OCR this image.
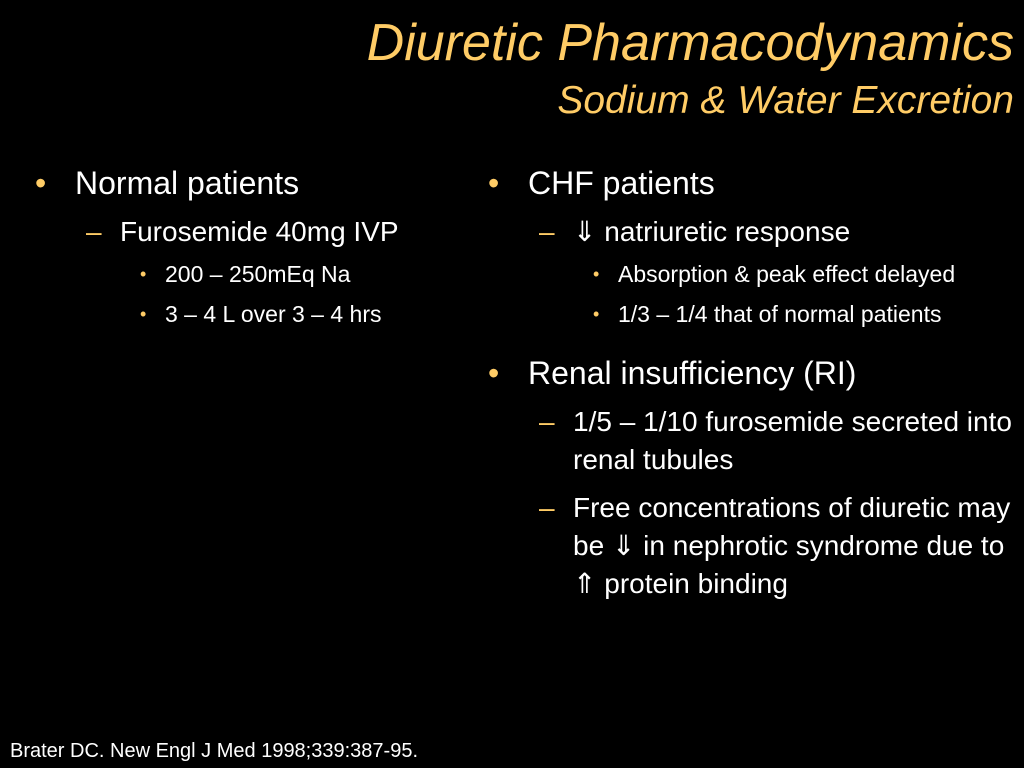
Diuretic Pharmacodynamics
Sodium & Water Excretion
• Normal patients
– Furosemide 40mg IVP
• 200 – 250mEq Na
• 3 – 4 L over 3 – 4 hrs
• CHF patients
– ⇓ natriuretic response
• Absorption & peak effect delayed
• 1/3 – 1/4 that of normal patients
• Renal insufficiency (RI)
– 1/5 – 1/10 furosemide secreted into renal tubules
– Free concentrations of diuretic may be ⇓ in nephrotic syndrome due to ⇑ protein binding
Brater DC. New Engl J Med 1998;339:387-95.
